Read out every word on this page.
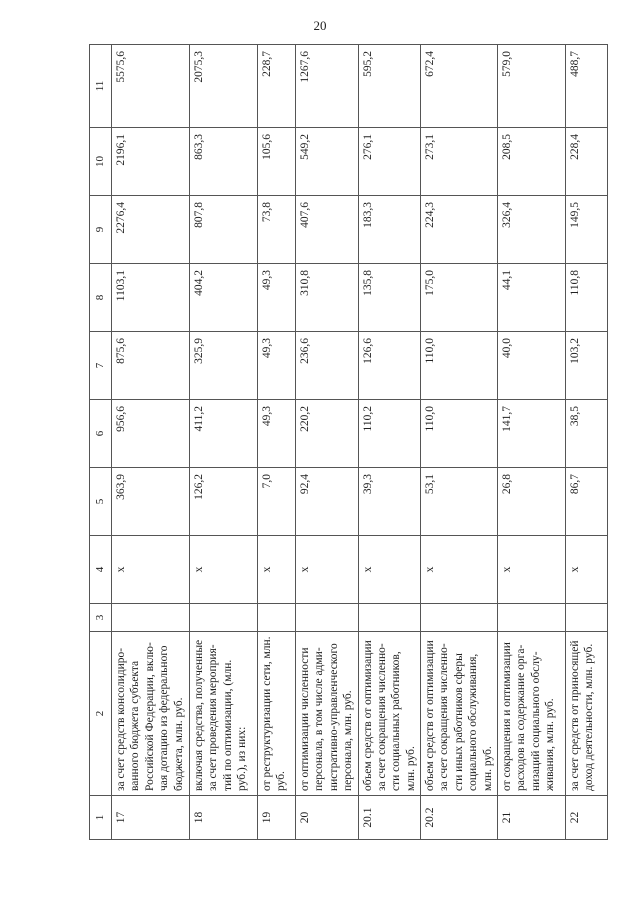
20
1	2	3	4	5	6	7	8	9	10	11
17	за счет средств консолидиро-ванного бюджета субъекта Российской Федерации, вклю-чая дотацию из федерального бюджета, млн. руб.		x	363,9	956,6	875,6	1103,1	2276,4	2196,1	5575,6
18	включая средства, полученные за счет проведения мероприя-тий по оптимизации, (млн. руб.), из них:		x	126,2	411,2	325,9	404,2	807,8	863,3	2075,3
19	от реструктуризации сети, млн. руб.		x	7,0	49,3	49,3	49,3	73,8	105,6	228,7
20	от оптимизации численности персонала, в том числе адми-нистративно-управленческого персонала, млн. руб.		x	92,4	220,2	236,6	310,8	407,6	549,2	1267,6
20.1	объем средств от оптимизации за счет сокращения численно-сти социальных работников, млн. руб.		x	39,3	110,2	126,6	135,8	183,3	276,1	595,2
20.2	объем средств от оптимизации за счет сокращения численно-сти иных работников сферы социального обслуживания, млн. руб.		x	53,1	110,0	110,0	175,0	224,3	273,1	672,4
21	от сокращения и оптимизации расходов на содержание орга-низаций социального обслу-живания, млн. руб.		x	26,8	141,7	40,0	44,1	326,4	208,5	579,0
22	за счет средств от приносящей доход деятельности, млн. руб.		x	86,7	38,5	103,2	110,8	149,5	228,4	488,7
